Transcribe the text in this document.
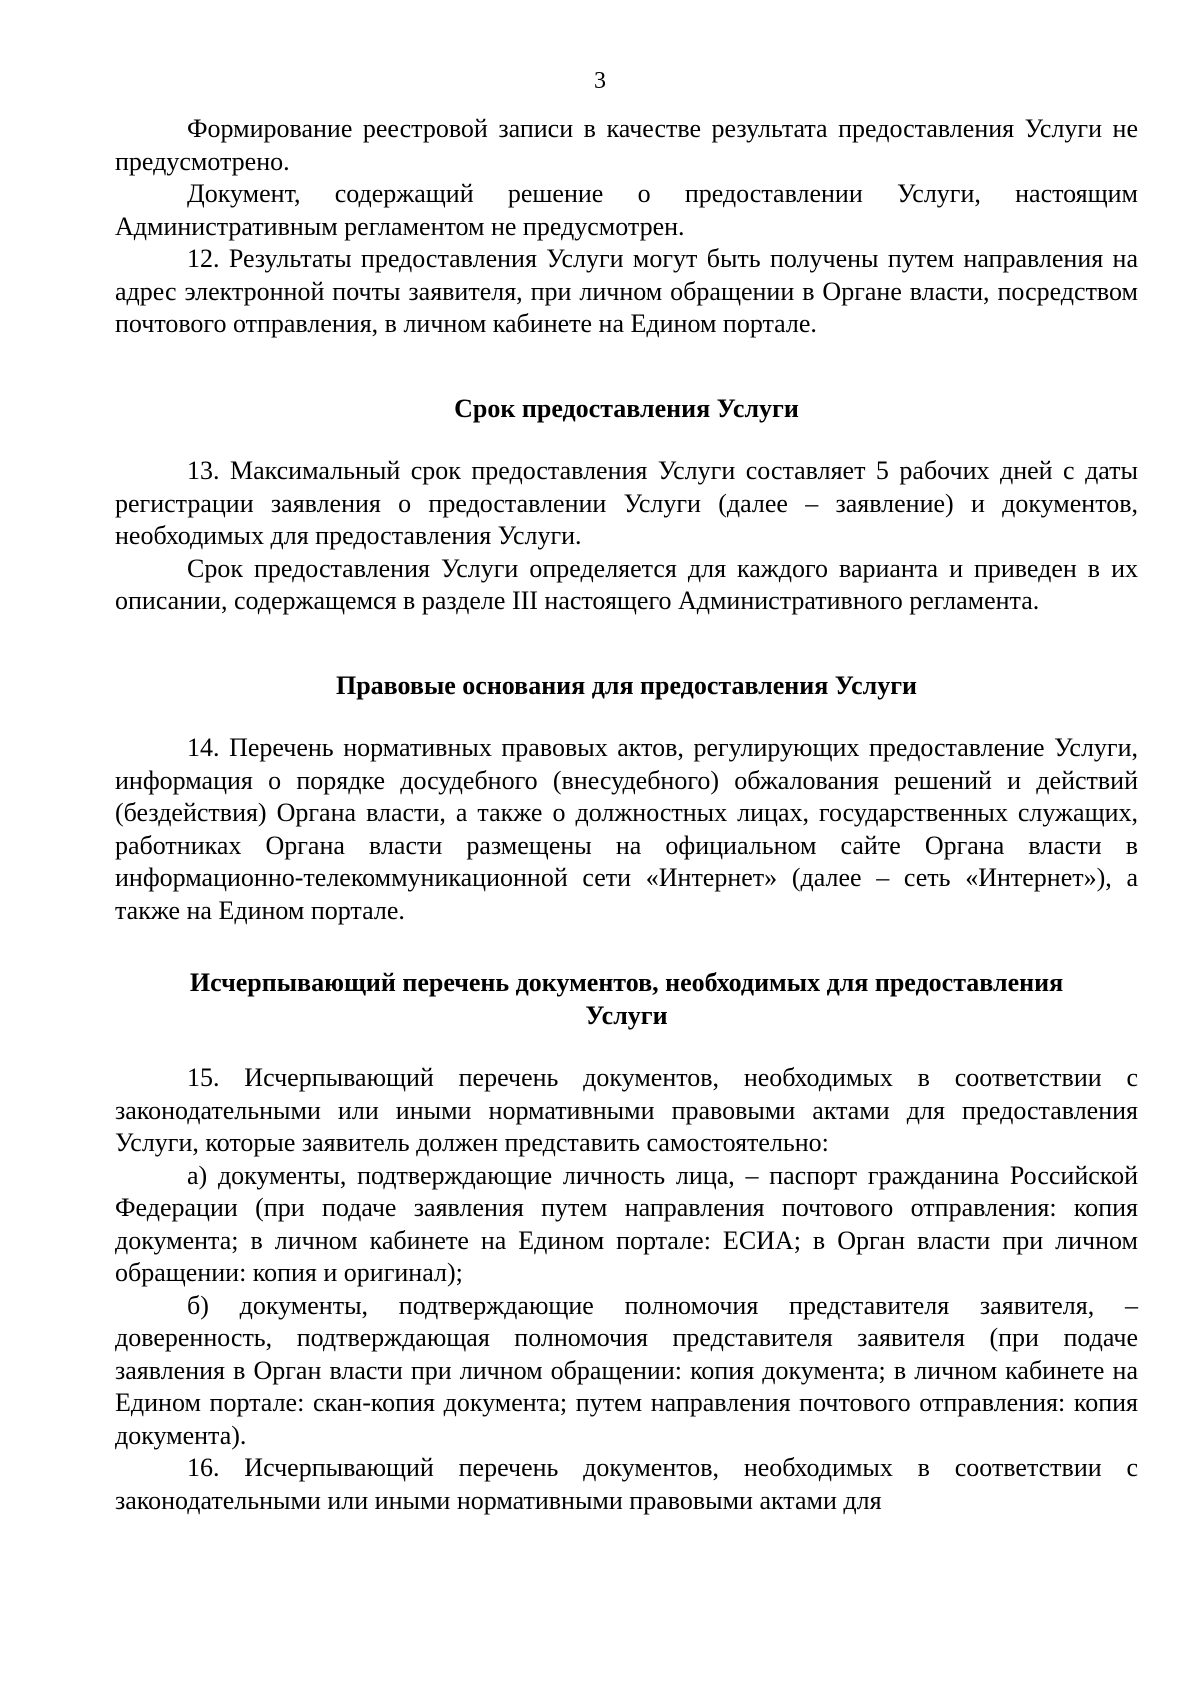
3

Формирование реестровой записи в качестве результата предоставления Услуги не предусмотрено.

Документ, содержащий решение о предоставлении Услуги, настоящим Административным регламентом не предусмотрен.

12. Результаты предоставления Услуги могут быть получены путем направления на адрес электронной почты заявителя, при личном обращении в Органе власти, посредством почтового отправления, в личном кабинете на Едином портале.

Срок предоставления Услуги

13. Максимальный срок предоставления Услуги составляет 5 рабочих дней с даты регистрации заявления о предоставлении Услуги (далее – заявление) и документов, необходимых для предоставления Услуги.

Срок предоставления Услуги определяется для каждого варианта и приведен в их описании, содержащемся в разделе III настоящего Административного регламента.

Правовые основания для предоставления Услуги

14. Перечень нормативных правовых актов, регулирующих предоставление Услуги, информация о порядке досудебного (внесудебного) обжалования решений и действий (бездействия) Органа власти, а также о должностных лицах, государственных служащих, работниках Органа власти размещены на официальном сайте Органа власти в информационно-телекоммуникационной сети «Интернет» (далее – сеть «Интернет»), а также на Едином портале.

Исчерпывающий перечень документов, необходимых для предоставления
Услуги

15. Исчерпывающий перечень документов, необходимых в соответствии с законодательными или иными нормативными правовыми актами для предоставления Услуги, которые заявитель должен представить самостоятельно:

а) документы, подтверждающие личность лица, – паспорт гражданина Российской Федерации (при подаче заявления путем направления почтового отправления: копия документа; в личном кабинете на Едином портале: ЕСИА; в Орган власти при личном обращении: копия и оригинал);

б) документы, подтверждающие полномочия представителя заявителя, – доверенность, подтверждающая полномочия представителя заявителя (при подаче заявления в Орган власти при личном обращении: копия документа; в личном кабинете на Едином портале: скан-копия документа; путем направления почтового отправления: копия документа).

16. Исчерпывающий перечень документов, необходимых в соответствии с законодательными или иными нормативными правовыми актами для
